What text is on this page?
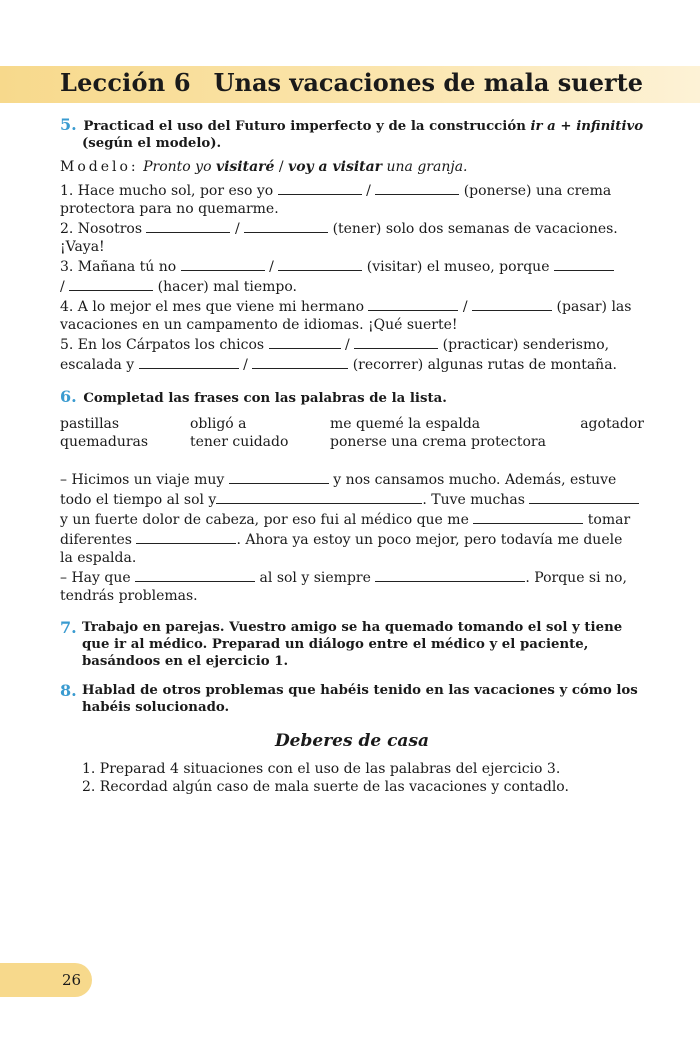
Lección 6 Unas vacaciones de mala suerte
5. Practicad el uso del Futuro imperfecto y de la construcción ir a + infinitivo
(según el modelo).
Modelo: Pronto yo visitaré / voy a visitar una granja.

1. Hace mucho sol, por eso yo	/	(ponerse) una crema

protectora para no quemarme.

2. Nosotros	/	(tener) solo dos semanas de vacaciones.

¡Vaya!

3. Mañana tú no	/	(visitar) el museo, porque

/	(hacer) mal tiempo.

4. A lo mejor el mes que viene mi hermano	/	(pasar) las

vacaciones en un campamento de idiomas. ¡Qué suerte!

5. En los Cárpatos los chicos	/	(practicar) senderismo,

escalada y	/	(recorrer) algunas rutas de montaña.

6. Completad las frases con las palabras de la lista.
pastillas	obligó a	me quemé la espalda	agotador
quemaduras	tener cuidado	ponerse una crema protectora

– Hicimos un viaje muy	y nos cansamos mucho. Además, estuve

todo el tiempo al sol y	. Tuve muchas

y un fuerte dolor de cabeza, por eso fui al médico que me	tomar

diferentes	. Ahora ya estoy un poco mejor, pero todavía me duele

la espalda.

– Hay que	al sol y siempre	. Porque si no,

tendrás problemas.

7. Trabajo en parejas. Vuestro amigo se ha quemado tomando el sol y tiene que ir al médico. Preparad un diálogo entre el médico y el paciente, basándoos en el ejercicio 1.
8. Hablad de otros problemas que habéis tenido en las vacaciones y cómo los habéis solucionado.
Deberes de casa
1. Preparad 4 situaciones con el uso de las palabras del ejercicio 3.
2. Recordad algún caso de mala suerte de las vacaciones y contadlo.
26
